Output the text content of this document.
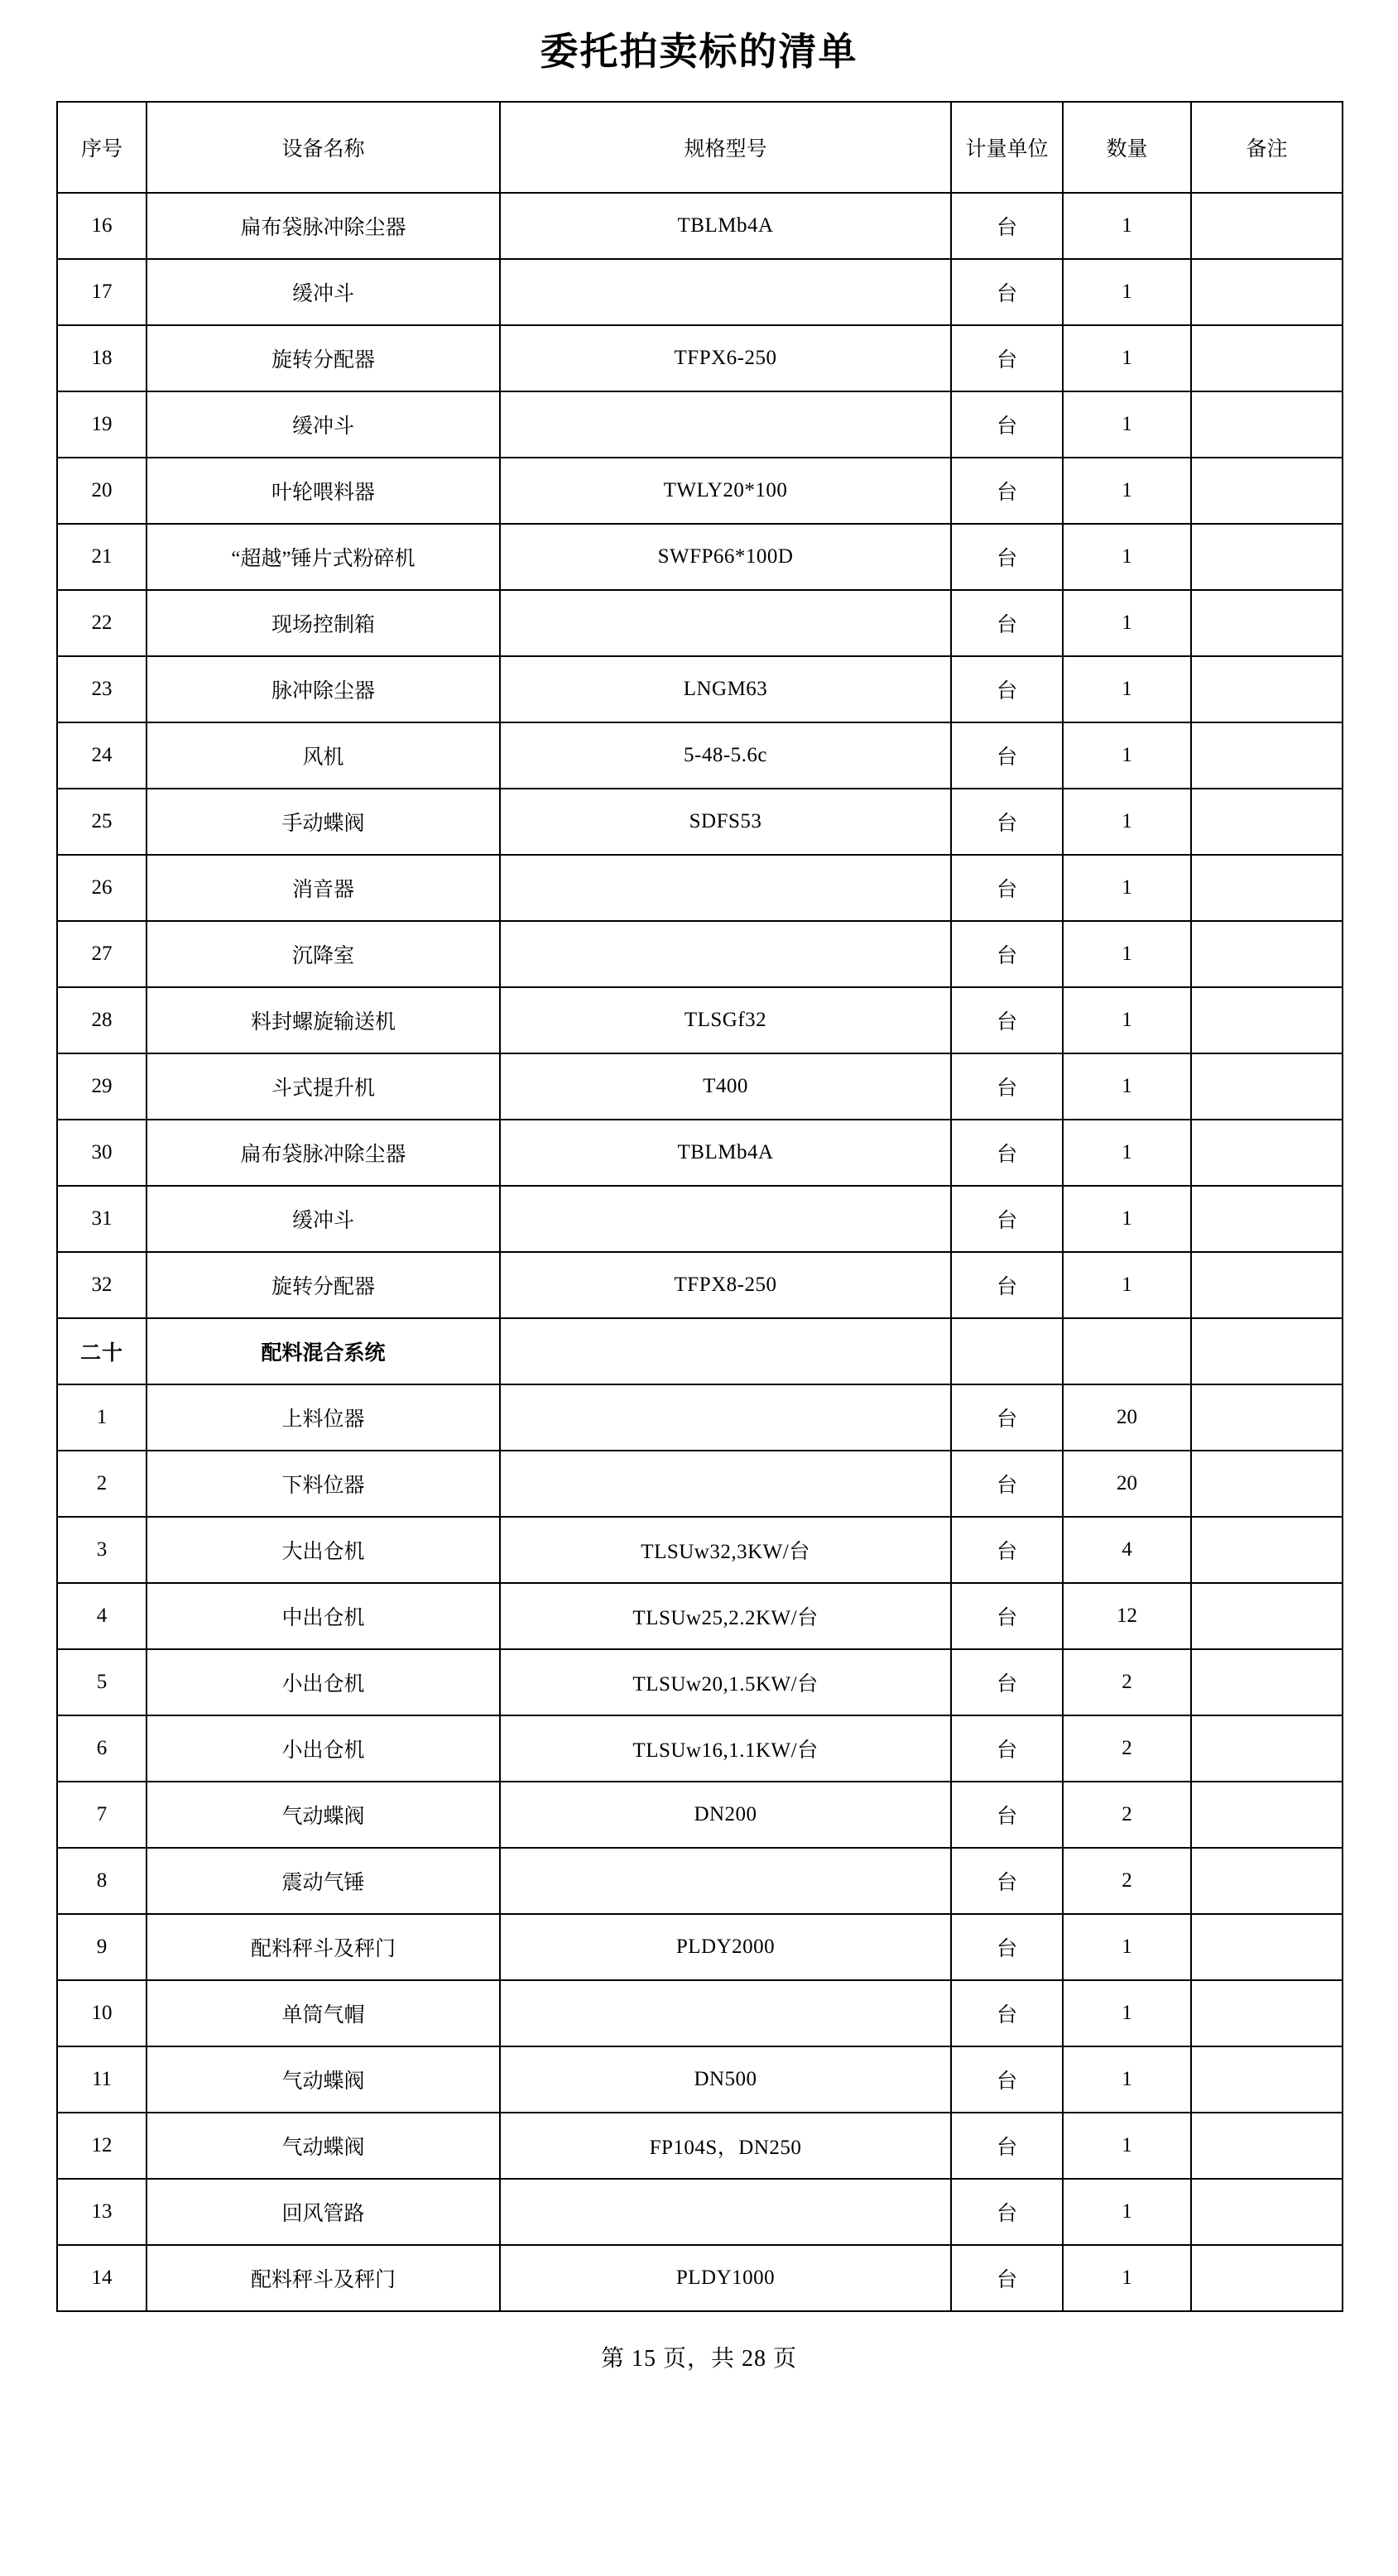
委托拍卖标的清单
序号	设备名称	规格型号	计量单位	数量	备注
16	扁布袋脉冲除尘器	TBLMb4A	台	1	
17	缓冲斗		台	1	
18	旋转分配器	TFPX6-250	台	1	
19	缓冲斗		台	1	
20	叶轮喂料器	TWLY20*100	台	1	
21	“超越”锤片式粉碎机	SWFP66*100D	台	1	
22	现场控制箱		台	1	
23	脉冲除尘器	LNGM63	台	1	
24	风机	5-48-5.6c	台	1	
25	手动蝶阀	SDFS53	台	1	
26	消音器		台	1	
27	沉降室		台	1	
28	料封螺旋输送机	TLSGf32	台	1	
29	斗式提升机	T400	台	1	
30	扁布袋脉冲除尘器	TBLMb4A	台	1	
31	缓冲斗		台	1	
32	旋转分配器	TFPX8-250	台	1	
二十	配料混合系统				
1	上料位器		台	20	
2	下料位器		台	20	
3	大出仓机	TLSUw32,3KW/台	台	4	
4	中出仓机	TLSUw25,2.2KW/台	台	12	
5	小出仓机	TLSUw20,1.5KW/台	台	2	
6	小出仓机	TLSUw16,1.1KW/台	台	2	
7	气动蝶阀	DN200	台	2	
8	震动气锤		台	2	
9	配料秤斗及秤门	PLDY2000	台	1	
10	单筒气帽		台	1	
11	气动蝶阀	DN500	台	1	
12	气动蝶阀	FP104S，DN250	台	1	
13	回风管路		台	1	
14	配料秤斗及秤门	PLDY1000	台	1	
第 15 页，共 28 页
